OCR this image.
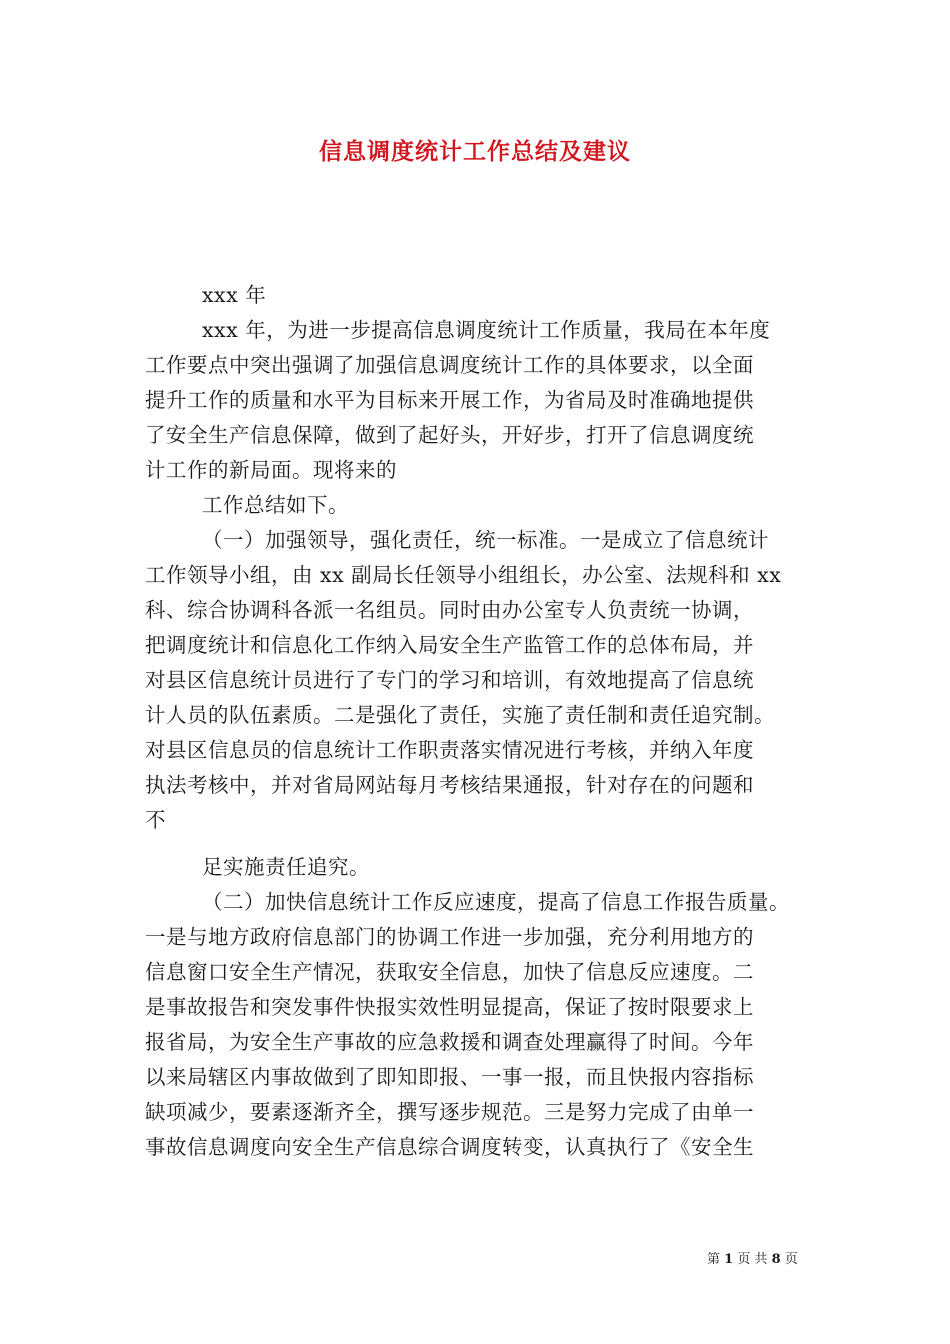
信息调度统计工作总结及建议
xxx 年
xxx 年，为进一步提高信息调度统计工作质量，我局在本年度
工作要点中突出强调了加强信息调度统计工作的具体要求，以全面
提升工作的质量和水平为目标来开展工作，为省局及时准确地提供
了安全生产信息保障，做到了起好头，开好步，打开了信息调度统
计工作的新局面。现将来的
工作总结如下。
（一）加强领导，强化责任，统一标准。一是成立了信息统计
工作领导小组，由 xx 副局长任领导小组组长，办公室、法规科和 xx
科、综合协调科各派一名组员。同时由办公室专人负责统一协调，
把调度统计和信息化工作纳入局安全生产监管工作的总体布局，并
对县区信息统计员进行了专门的学习和培训，有效地提高了信息统
计人员的队伍素质。二是强化了责任，实施了责任制和责任追究制。
对县区信息员的信息统计工作职责落实情况进行考核，并纳入年度
执法考核中，并对省局网站每月考核结果通报，针对存在的问题和
不
足实施责任追究。
（二）加快信息统计工作反应速度，提高了信息工作报告质量。
一是与地方政府信息部门的协调工作进一步加强，充分利用地方的
信息窗口安全生产情况，获取安全信息，加快了信息反应速度。二
是事故报告和突发事件快报实效性明显提高，保证了按时限要求上
报省局，为安全生产事故的应急救援和调查处理赢得了时间。今年
以来局辖区内事故做到了即知即报、一事一报，而且快报内容指标
缺项减少，要素逐渐齐全，撰写逐步规范。三是努力完成了由单一
事故信息调度向安全生产信息综合调度转变，认真执行了《安全生
第 1 页 共 8 页
